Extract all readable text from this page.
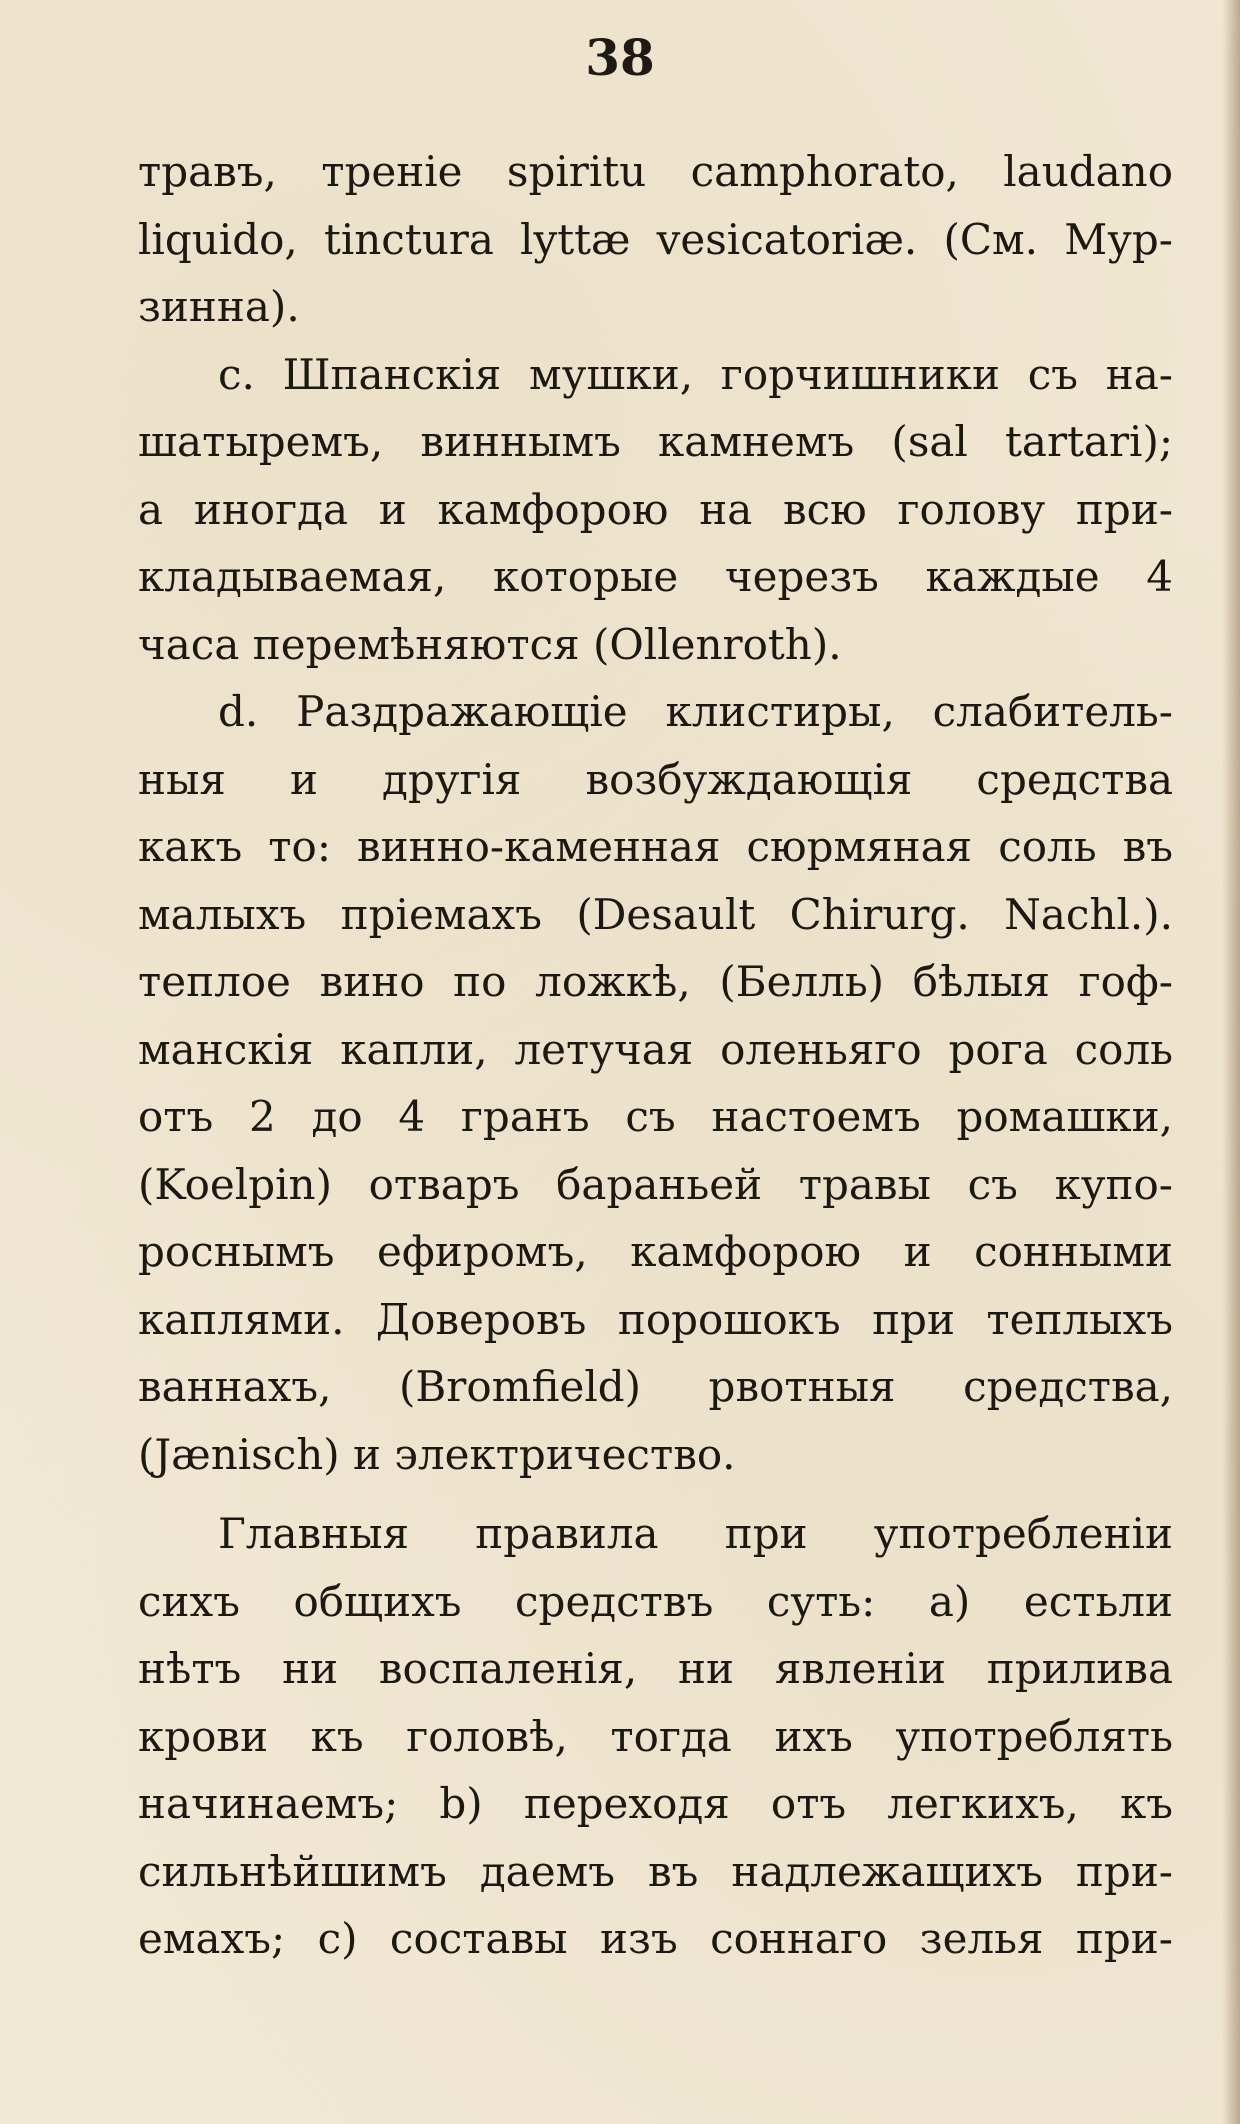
38
травъ, треніе spiritu camphorato, laudano
liquido, tinctura lyttæ vesicatoriæ. (См. Мур-
зинна).
c. Шпанскія мушки, горчишники съ на-
шатыремъ, виннымъ камнемъ (sal tartari);
а иногда и камфорою на всю голову при-
кладываемая, которые черезъ каждые 4
часа перемѣняются (Ollenroth).
d. Раздражающіе клистиры, слабитель-
ныя и другія возбуждающія средства
какъ то: винно-каменная сюрмяная соль въ
малыхъ пріемахъ (Desault Chirurg. Nachl.).
теплое вино по ложкѣ, (Белль) бѣлыя гоф-
манскія капли, летучая оленьяго рога соль
отъ 2 до 4 гранъ съ настоемъ ромашки,
(Koelpin) отваръ бараньей травы съ купо-
роснымъ ефиромъ, камфорою и сонными
каплями. Доверовъ порошокъ при теплыхъ
ваннахъ, (Bromfield) рвотныя средства,
(Jænisch) и электричество.
Главныя правила при употребленіи
сихъ общихъ средствъ суть: а) естьли
нѣтъ ни воспаленія, ни явленіи прилива
крови къ головѣ, тогда ихъ употреблять
начинаемъ; b) переходя отъ легкихъ, къ
сильнѣйшимъ даемъ въ надлежащихъ при-
емахъ; c) составы изъ соннаго зелья при-
